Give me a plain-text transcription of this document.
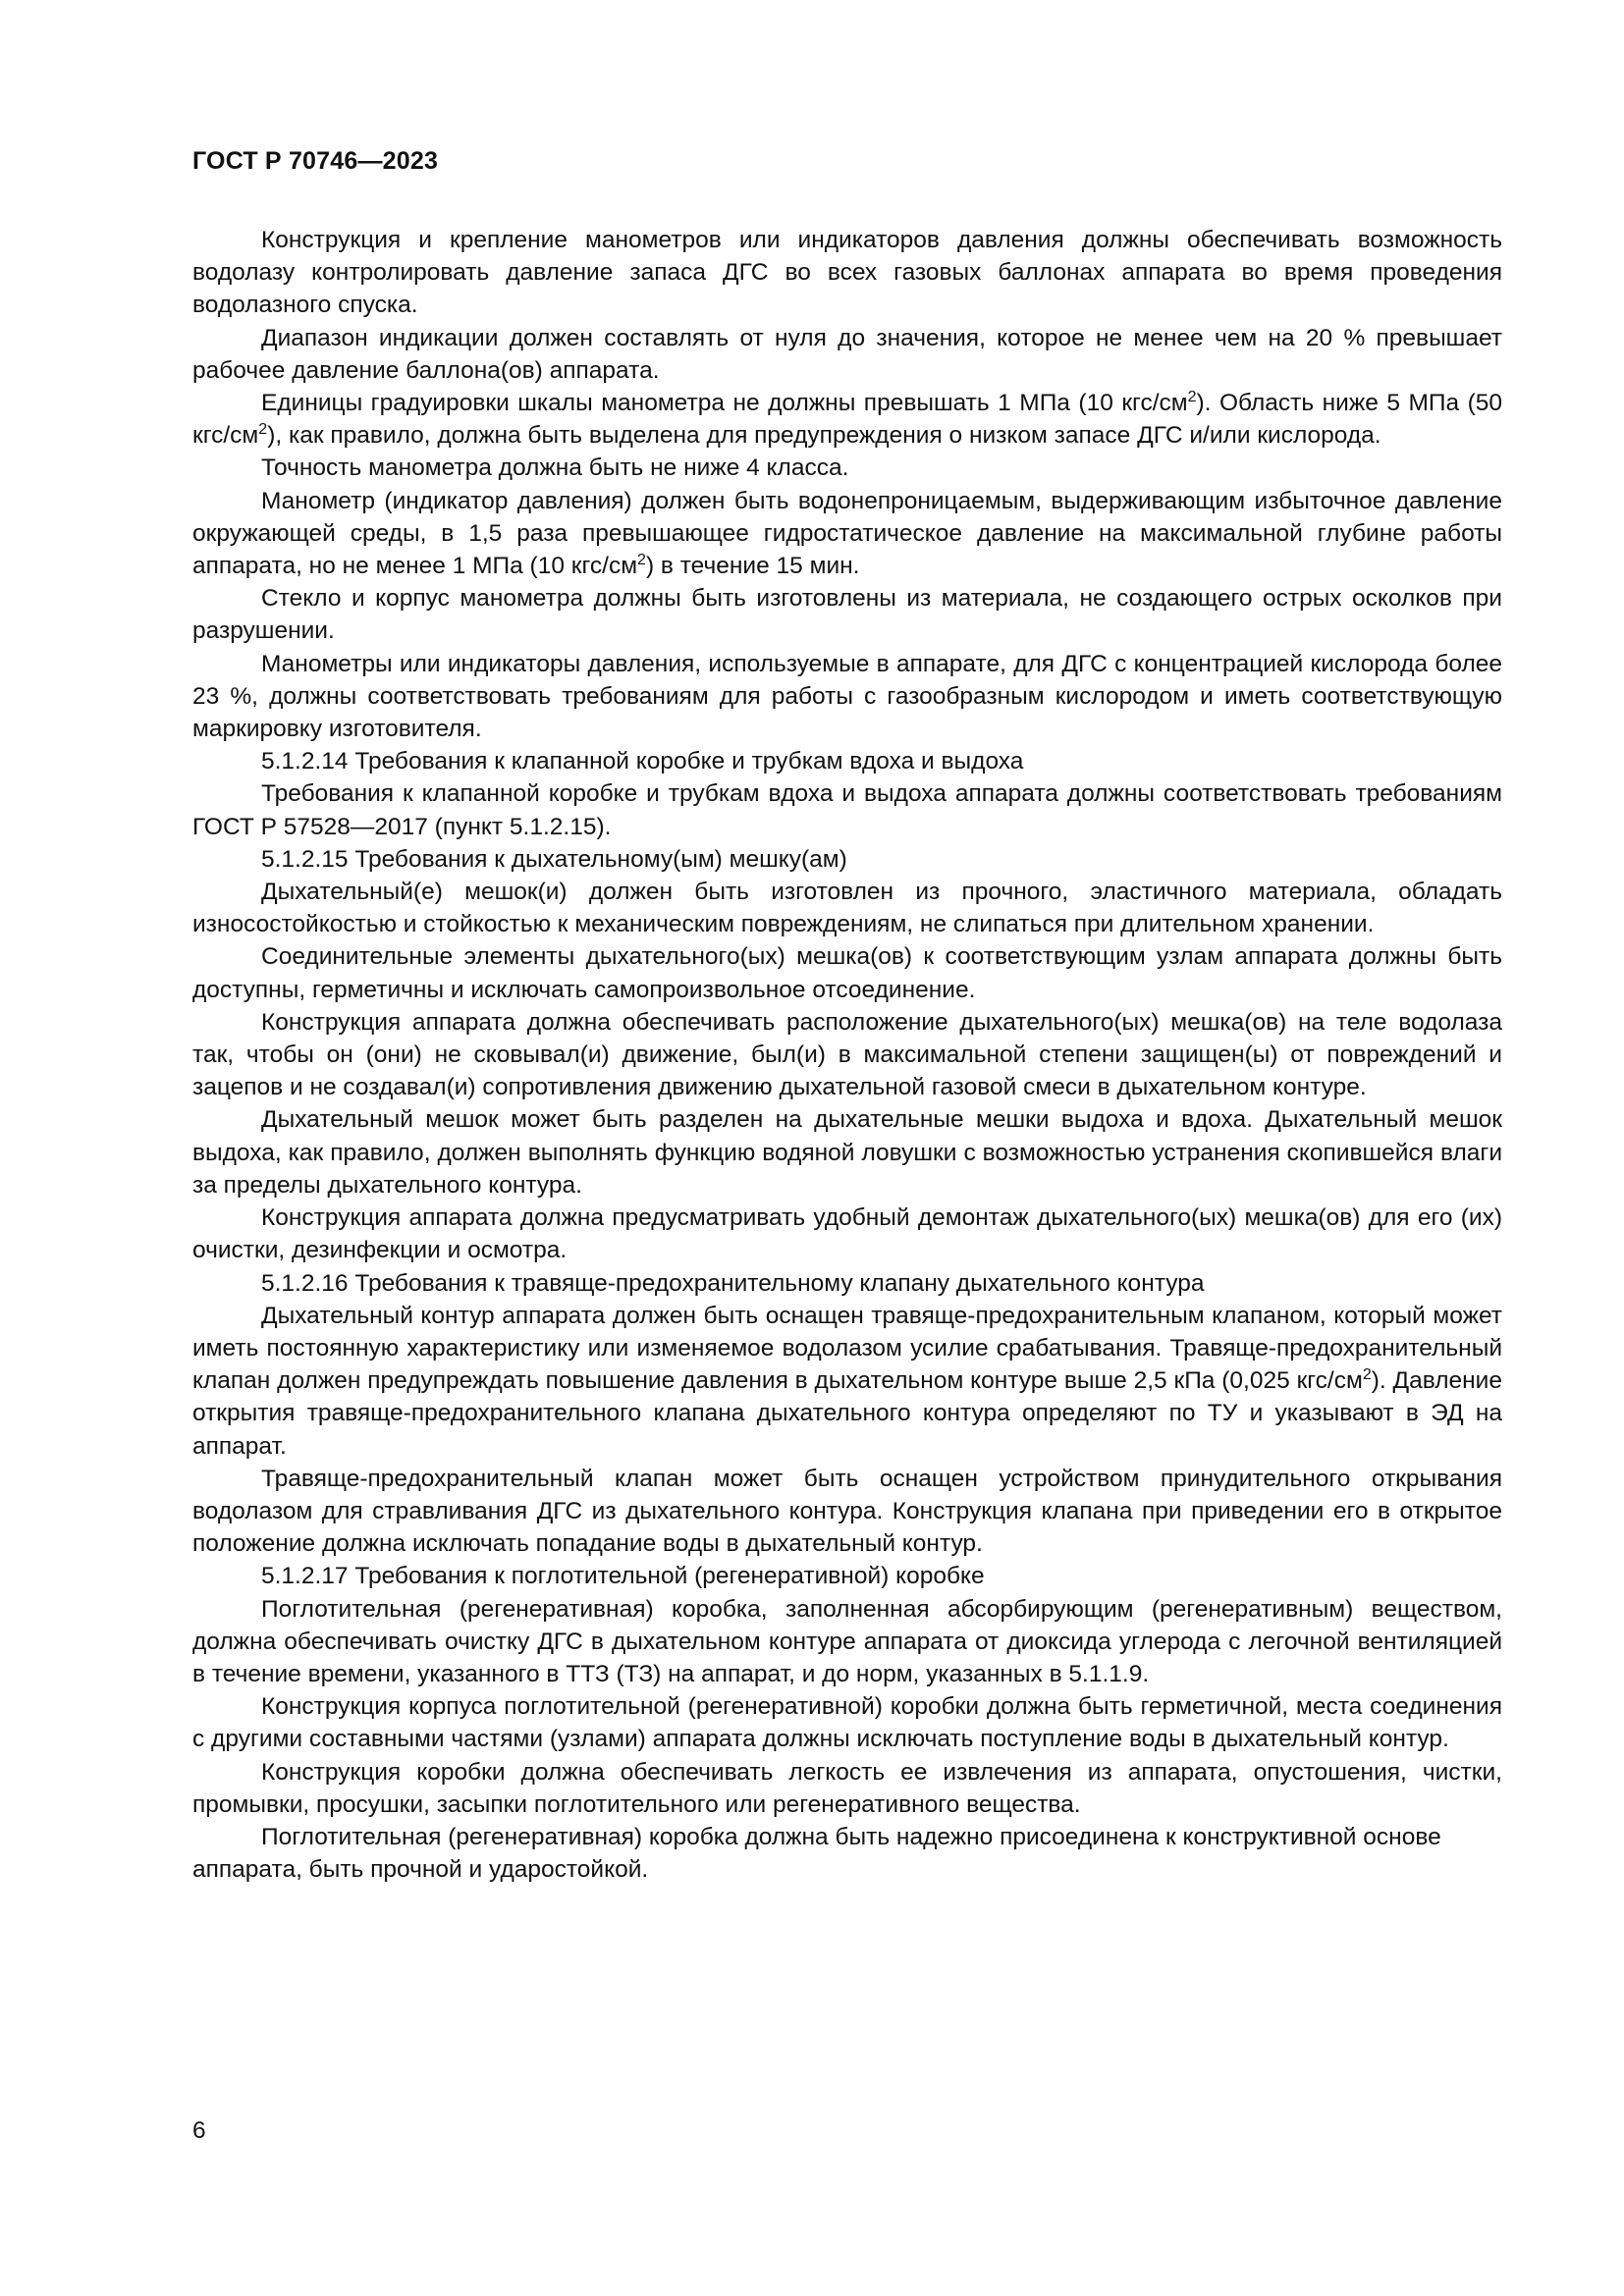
ГОСТ Р 70746—2023

Конструкция и крепление манометров или индикаторов давления должны обеспечивать возможность водолазу контролировать давление запаса ДГС во всех газовых баллонах аппарата во время проведения водолазного спуска.

Диапазон индикации должен составлять от нуля до значения, которое не менее чем на 20 % превышает рабочее давление баллона(ов) аппарата.

Единицы градуировки шкалы манометра не должны превышать 1 МПа (10 кгс/$см^2$). Область ниже 5 МПа (50 кгс/$см^2$), как правило, должна быть выделена для предупреждения о низком запасе ДГС и/или кислорода.

Точность манометра должна быть не ниже 4 класса.

Манометр (индикатор давления) должен быть водонепроницаемым, выдерживающим избыточное давление окружающей среды, в 1,5 раза превышающее гидростатическое давление на максимальной глубине работы аппарата, но не менее 1 МПа (10 кгс/$см^2$) в течение 15 мин.

Стекло и корпус манометра должны быть изготовлены из материала, не создающего острых осколков при разрушении.

Манометры или индикаторы давления, используемые в аппарате, для ДГС с концентрацией кислорода более 23 %, должны соответствовать требованиям для работы с газообразным кислородом и иметь соответствующую маркировку изготовителя.

5.1.2.14 Требования к клапанной коробке и трубкам вдоха и выдоха

Требования к клапанной коробке и трубкам вдоха и выдоха аппарата должны соответствовать требованиям ГОСТ Р 57528—2017 (пункт 5.1.2.15).

5.1.2.15 Требования к дыхательному(ым) мешку(ам)

Дыхательный(е) мешок(и) должен быть изготовлен из прочного, эластичного материала, обладать износостойкостью и стойкостью к механическим повреждениям, не слипаться при длительном хранении.

Соединительные элементы дыхательного(ых) мешка(ов) к соответствующим узлам аппарата должны быть доступны, герметичны и исключать самопроизвольное отсоединение.

Конструкция аппарата должна обеспечивать расположение дыхательного(ых) мешка(ов) на теле водолаза так, чтобы он (они) не сковывал(и) движение, был(и) в максимальной степени защищен(ы) от повреждений и зацепов и не создавал(и) сопротивления движению дыхательной газовой смеси в дыхательном контуре.

Дыхательный мешок может быть разделен на дыхательные мешки выдоха и вдоха. Дыхательный мешок выдоха, как правило, должен выполнять функцию водяной ловушки с возможностью устранения скопившейся влаги за пределы дыхательного контура.

Конструкция аппарата должна предусматривать удобный демонтаж дыхательного(ых) мешка(ов) для его (их) очистки, дезинфекции и осмотра.

5.1.2.16 Требования к травяще-предохранительному клапану дыхательного контура

Дыхательный контур аппарата должен быть оснащен травяще-предохранительным клапаном, который может иметь постоянную характеристику или изменяемое водолазом усилие срабатывания. Травяще-предохранительный клапан должен предупреждать повышение давления в дыхательном контуре выше 2,5 кПа (0,025 кгс/$см^2$). Давление открытия травяще-предохранительного клапана дыхательного контура определяют по ТУ и указывают в ЭД на аппарат.

Травяще-предохранительный клапан может быть оснащен устройством принудительного открывания водолазом для стравливания ДГС из дыхательного контура. Конструкция клапана при приведении его в открытое положение должна исключать попадание воды в дыхательный контур.

5.1.2.17 Требования к поглотительной (регенеративной) коробке

Поглотительная (регенеративная) коробка, заполненная абсорбирующим (регенеративным) веществом, должна обеспечивать очистку ДГС в дыхательном контуре аппарата от диоксида углерода с легочной вентиляцией в течение времени, указанного в ТТЗ (ТЗ) на аппарат, и до норм, указанных в 5.1.1.9.

Конструкция корпуса поглотительной (регенеративной) коробки должна быть герметичной, места соединения с другими составными частями (узлами) аппарата должны исключать поступление воды в дыхательный контур.

Конструкция коробки должна обеспечивать легкость ее извлечения из аппарата, опустошения, чистки, промывки, просушки, засыпки поглотительного или регенеративного вещества.

Поглотительная (регенеративная) коробка должна быть надежно присоединена к конструктивной основе аппарата, быть прочной и ударостойкой.

6
